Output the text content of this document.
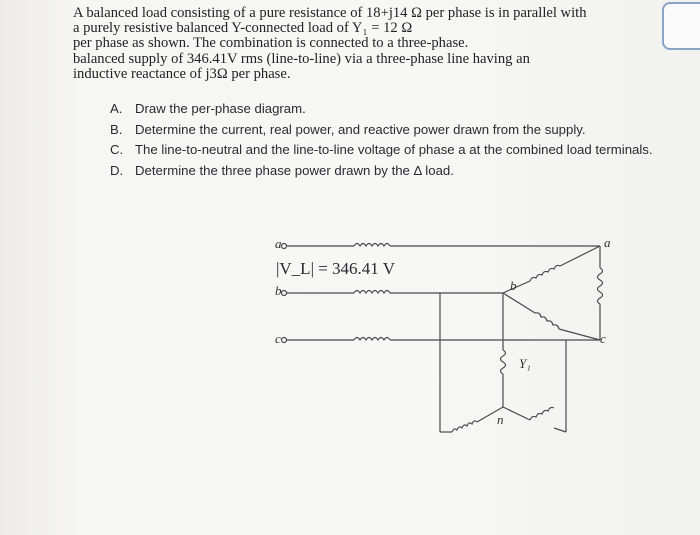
A balanced load consisting of a pure resistance of 18+j14 Ω per phase is in parallel with
a purely resistive balanced Y-connected load of Y₁ = 12 Ω
per phase as shown. The combination is connected to a three-phase.
balanced supply of 346.41V rms (line-to-line) via a three-phase line having an
inductive reactance of j3Ω per phase.
A. Draw the per-phase diagram.
B. Determine the current, real power, and reactive power drawn from the supply.
C. The line-to-neutral and the line-to-line voltage of phase a at the combined load terminals.
D. Determine the three phase power drawn by the Δ load.
|V_L| = 346.41 V
a
b
c
a
b
c
n
Y₁
